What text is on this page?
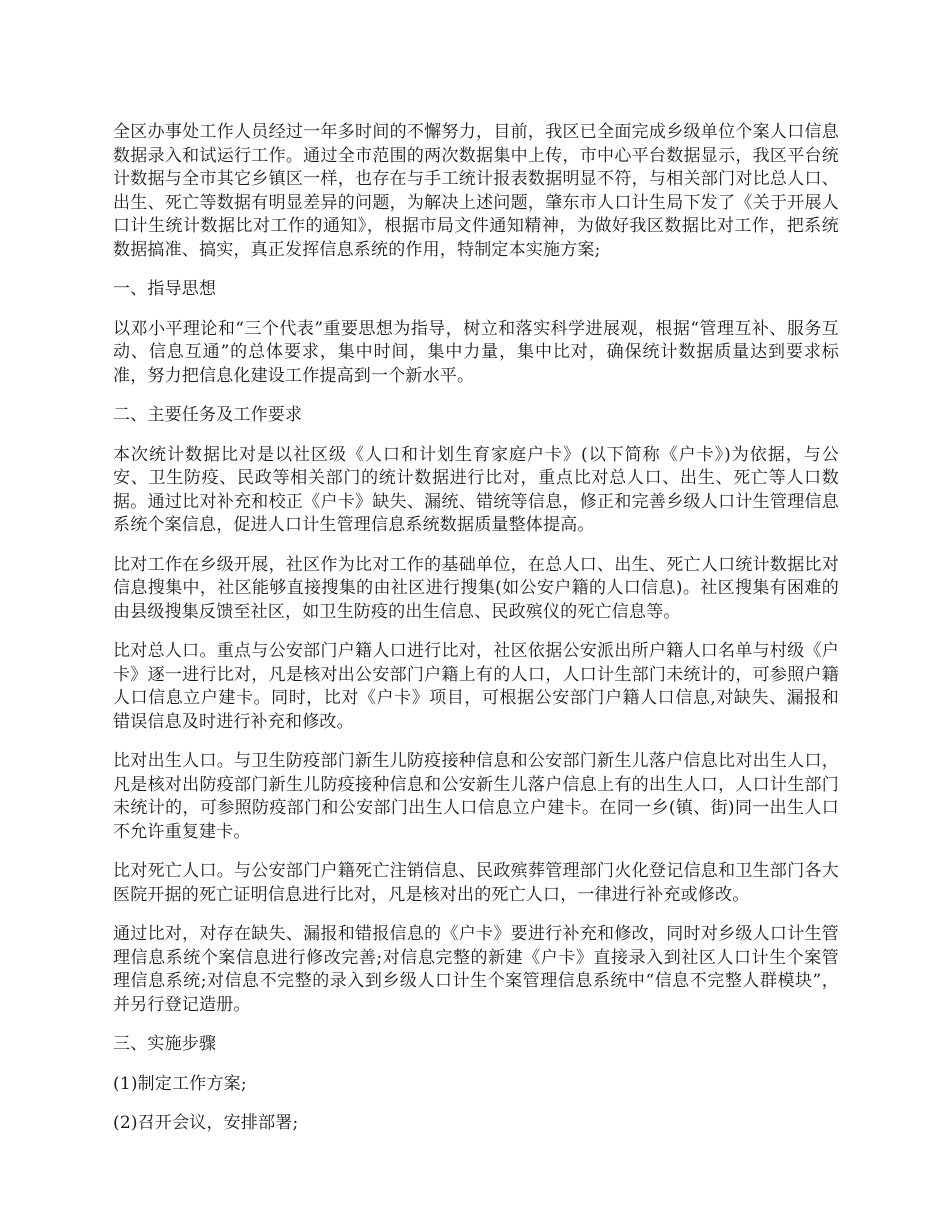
全区办事处工作人员经过一年多时间的不懈努力，目前，我区已全面完成乡级单位个案人口信息数据录入和试运行工作。通过全市范围的两次数据集中上传，市中心平台数据显示，我区平台统计数据与全市其它乡镇区一样，也存在与手工统计报表数据明显不符，与相关部门对比总人口、出生、死亡等数据有明显差异的问题，为解决上述问题，肇东市人口计生局下发了《关于开展人口计生统计数据比对工作的通知》，根据市局文件通知精神，为做好我区数据比对工作，把系统数据搞准、搞实，真正发挥信息系统的作用，特制定本实施方案;

一、指导思想

以邓小平理论和“三个代表”重要思想为指导，树立和落实科学进展观，根据“管理互补、服务互动、信息互通”的总体要求，集中时间，集中力量，集中比对，确保统计数据质量达到要求标准，努力把信息化建设工作提高到一个新水平。

二、主要任务及工作要求

本次统计数据比对是以社区级《人口和计划生育家庭户卡》(以下简称《户卡》)为依据，与公安、卫生防疫、民政等相关部门的统计数据进行比对，重点比对总人口、出生、死亡等人口数据。通过比对补充和校正《户卡》缺失、漏统、错统等信息，修正和完善乡级人口计生管理信息系统个案信息，促进人口计生管理信息系统数据质量整体提高。

比对工作在乡级开展，社区作为比对工作的基础单位，在总人口、出生、死亡人口统计数据比对信息搜集中，社区能够直接搜集的由社区进行搜集(如公安户籍的人口信息)。社区搜集有困难的由县级搜集反馈至社区，如卫生防疫的出生信息、民政殡仪的死亡信息等。

比对总人口。重点与公安部门户籍人口进行比对，社区依据公安派出所户籍人口名单与村级《户卡》逐一进行比对，凡是核对出公安部门户籍上有的人口，人口计生部门未统计的，可参照户籍人口信息立户建卡。同时，比对《户卡》项目，可根据公安部门户籍人口信息,对缺失、漏报和错误信息及时进行补充和修改。

比对出生人口。与卫生防疫部门新生儿防疫接种信息和公安部门新生儿落户信息比对出生人口，凡是核对出防疫部门新生儿防疫接种信息和公安新生儿落户信息上有的出生人口，人口计生部门未统计的，可参照防疫部门和公安部门出生人口信息立户建卡。在同一乡(镇、街)同一出生人口不允许重复建卡。

比对死亡人口。与公安部门户籍死亡注销信息、民政殡葬管理部门火化登记信息和卫生部门各大医院开据的死亡证明信息进行比对，凡是核对出的死亡人口，一律进行补充或修改。

通过比对，对存在缺失、漏报和错报信息的《户卡》要进行补充和修改，同时对乡级人口计生管理信息系统个案信息进行修改完善;对信息完整的新建《户卡》直接录入到社区人口计生个案管理信息系统;对信息不完整的录入到乡级人口计生个案管理信息系统中“信息不完整人群模块”，并另行登记造册。

三、实施步骤

(1)制定工作方案;

(2)召开会议，安排部署;
